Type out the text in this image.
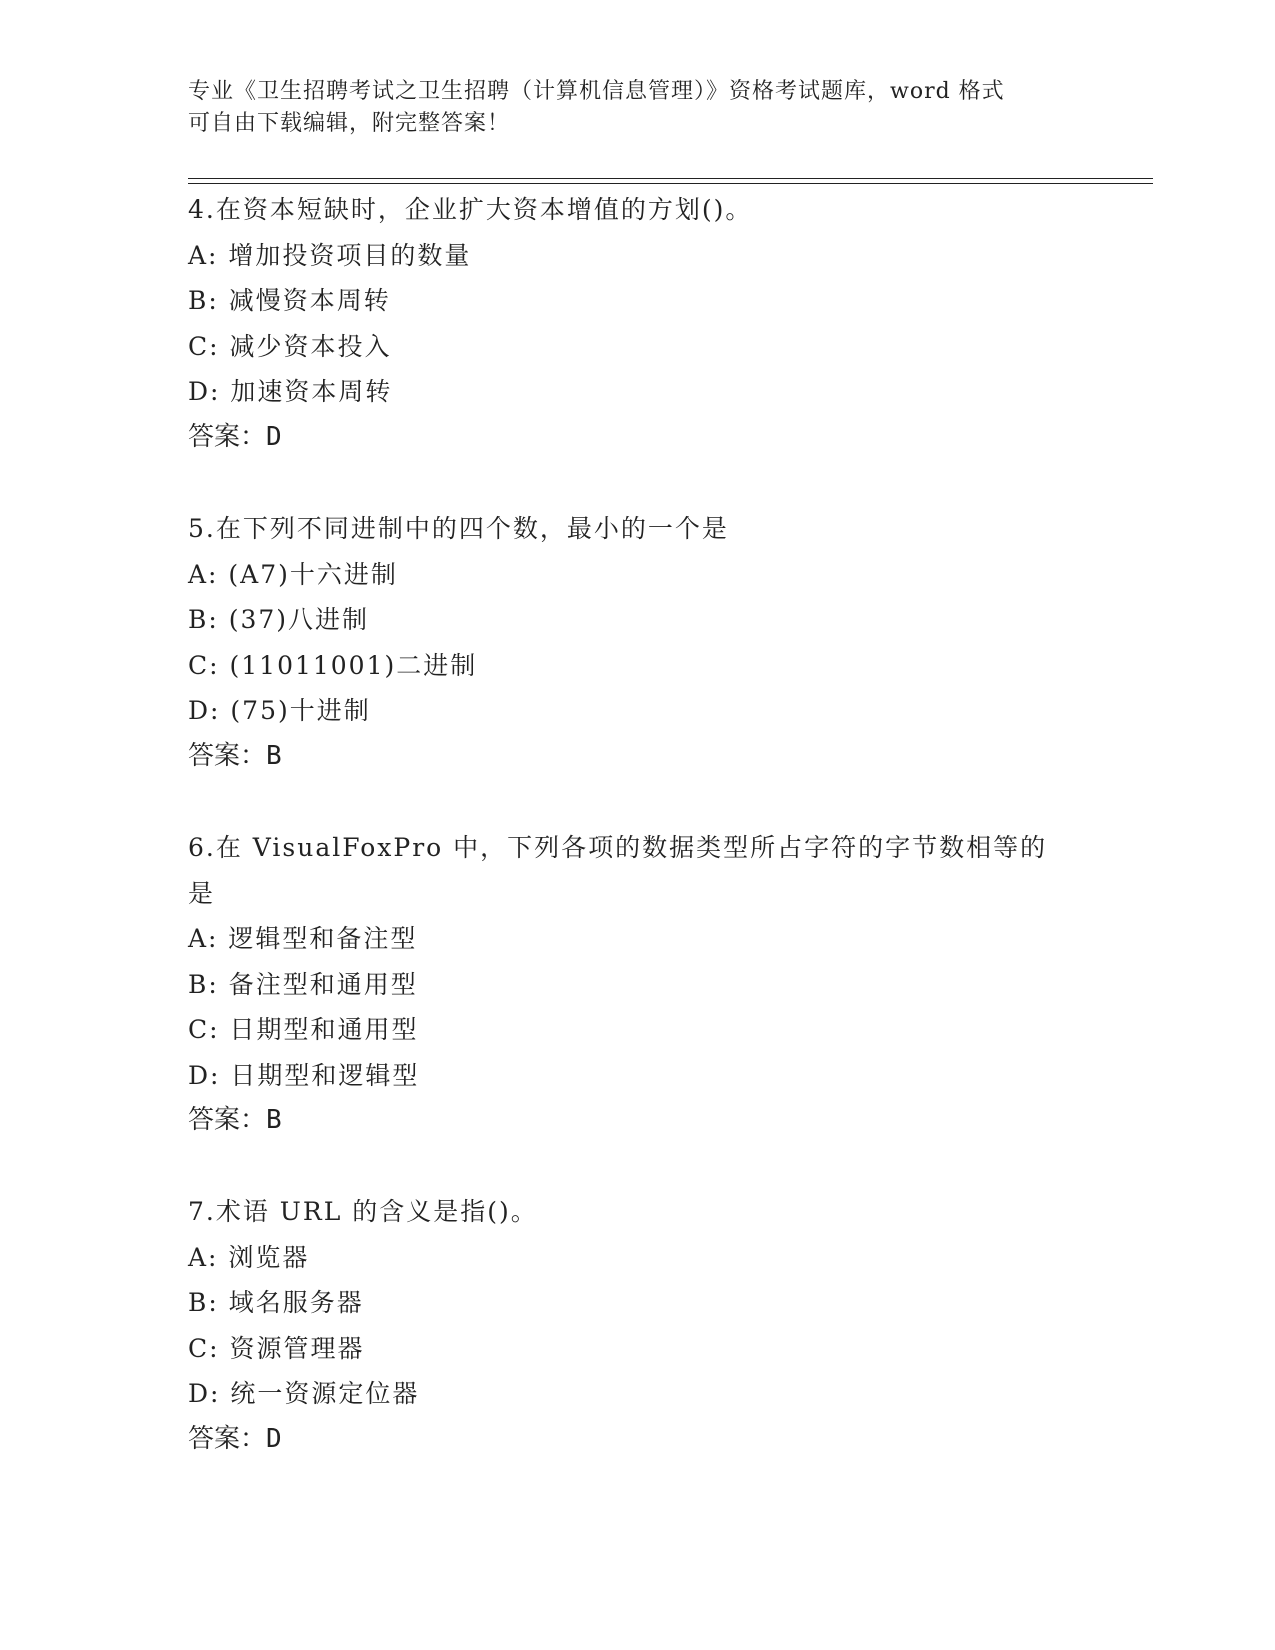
专业《卫生招聘考试之卫生招聘（计算机信息管理）》资格考试题库，word 格式

可自由下载编辑，附完整答案！

4.在资本短缺时，企业扩大资本增值的方划()。
A: 增加投资项目的数量
B: 减慢资本周转
C: 减少资本投入
D: 加速资本周转
答案：D
5.在下列不同进制中的四个数，最小的一个是
A: (A7)十六进制
B: (37)八进制
C: (11011001)二进制
D: (75)十进制
答案：B
6.在 VisualFoxPro 中，下列各项的数据类型所占字符的字节数相等的
是
A: 逻辑型和备注型
B: 备注型和通用型
C: 日期型和通用型
D: 日期型和逻辑型
答案：B
7.术语 URL 的含义是指()。
A: 浏览器
B: 域名服务器
C: 资源管理器
D: 统一资源定位器
答案：D
